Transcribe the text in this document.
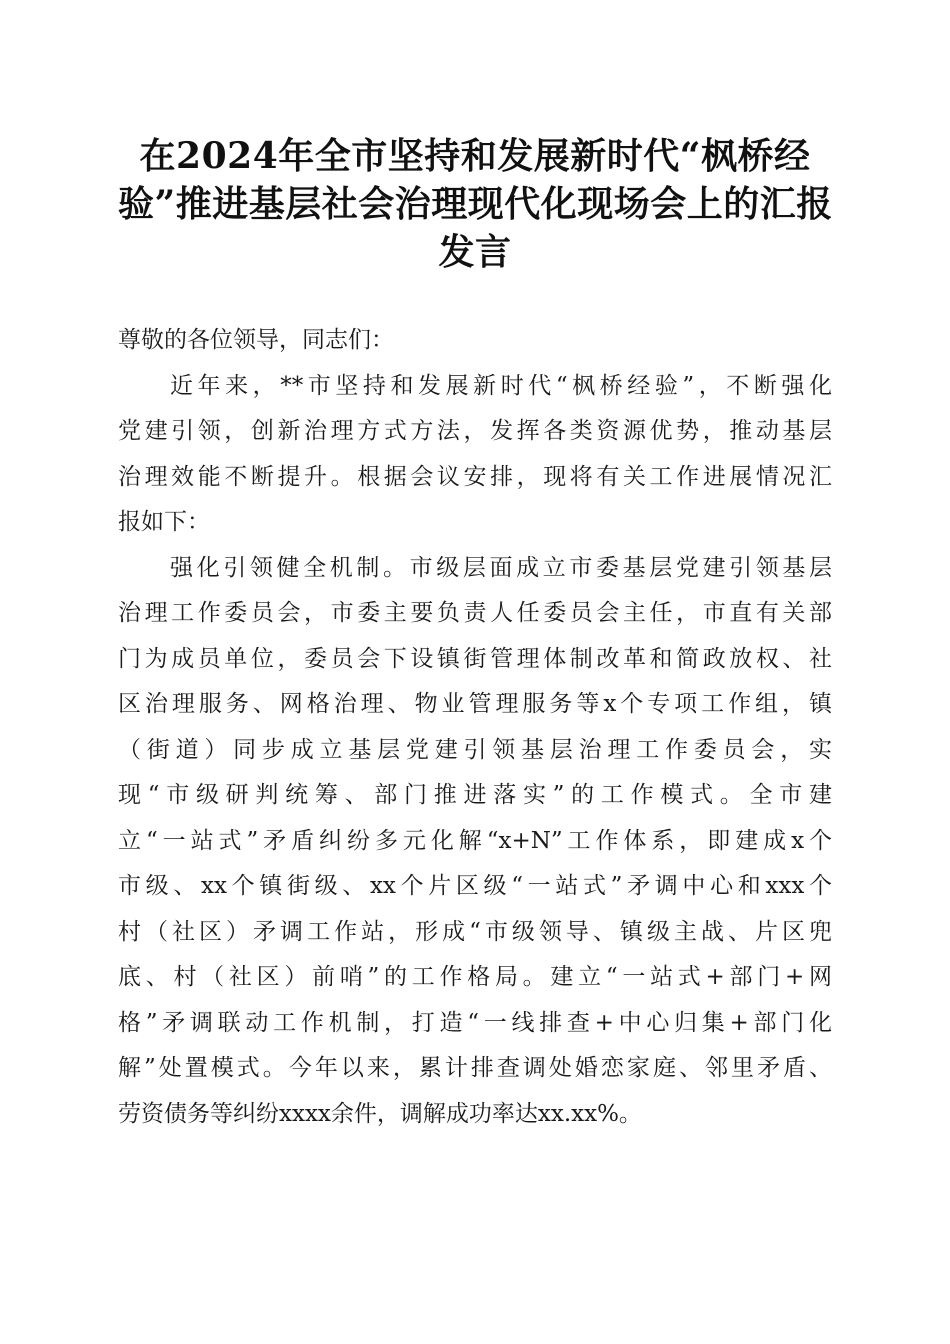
在2024年全市坚持和发展新时代“枫桥经
验”推进基层社会治理现代化现场会上的汇报
发言
尊敬的各位领导，同志们：
近年来，**市坚持和发展新时代“枫桥经验”，不断强化
党建引领，创新治理方式方法，发挥各类资源优势，推动基层
治理效能不断提升。根据会议安排，现将有关工作进展情况汇
报如下：
强化引领健全机制。市级层面成立市委基层党建引领基层
治理工作委员会，市委主要负责人任委员会主任，市直有关部
门为成员单位，委员会下设镇街管理体制改革和简政放权、社
区治理服务、网格治理、物业管理服务等x个专项工作组，镇
（街道）同步成立基层党建引领基层治理工作委员会，实
现“市级研判统筹、部门推进落实”的工作模式。全市建
立“一站式”矛盾纠纷多元化解“x+N”工作体系，即建成x个
市级、xx个镇街级、xx个片区级“一站式”矛调中心和xxx个
村（社区）矛调工作站，形成“市级领导、镇级主战、片区兜
底、村（社区）前哨”的工作格局。建立“一站式+部门+网
格”矛调联动工作机制，打造“一线排查+中心归集+部门化
解”处置模式。今年以来，累计排查调处婚恋家庭、邻里矛盾、
劳资债务等纠纷xxxx余件，调解成功率达xx.xx%。
